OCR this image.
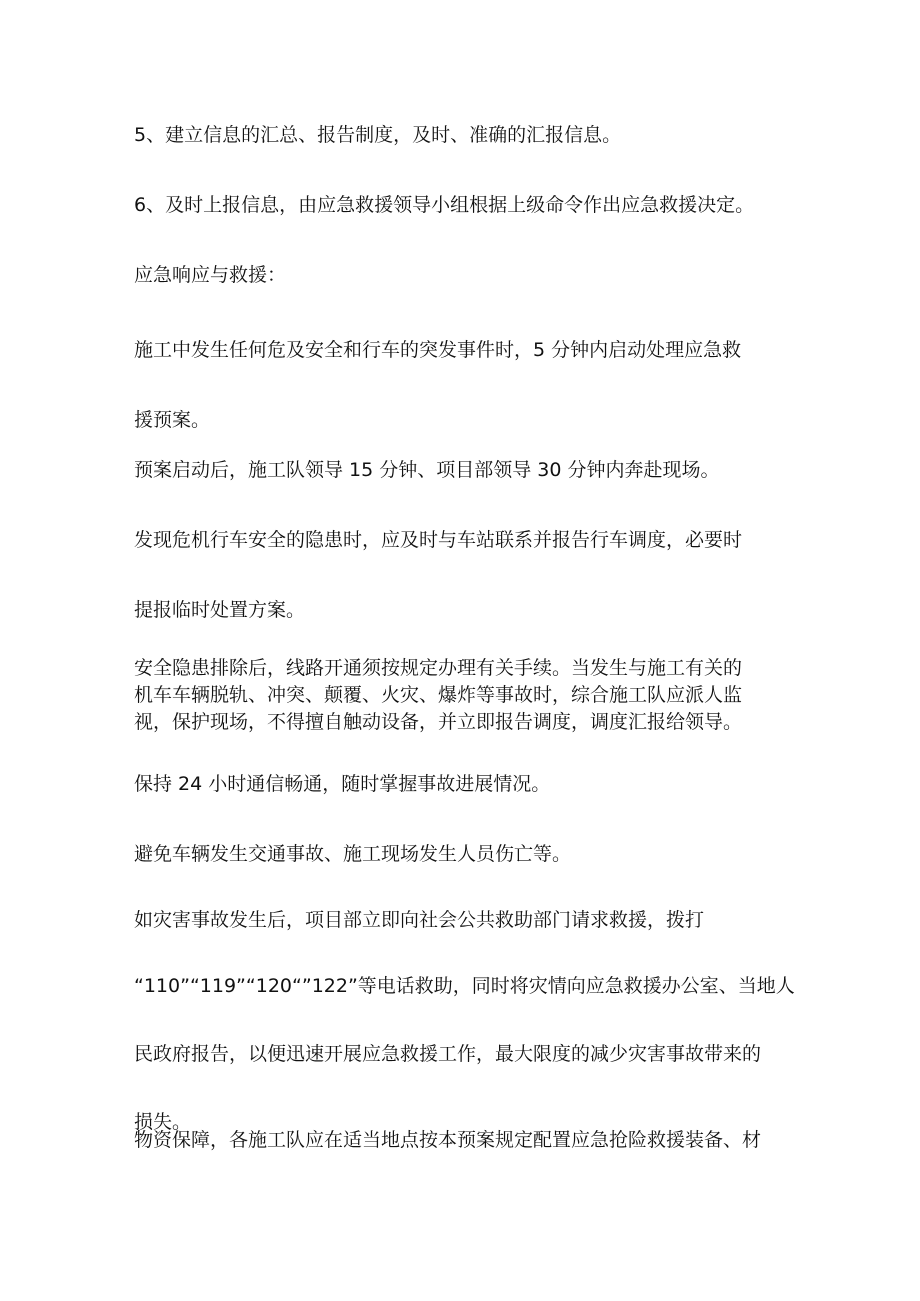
5、建立信息的汇总、报告制度，及时、准确的汇报信息。

6、及时上报信息，由应急救援领导小组根据上级命令作出应急救援决定。

应急响应与救援：

施工中发生任何危及安全和行车的突发事件时，5 分钟内启动处理应急救
援预案。

预案启动后，施工队领导 15 分钟、项目部领导 30 分钟内奔赴现场。

发现危机行车安全的隐患时，应及时与车站联系并报告行车调度，必要时
提报临时处置方案。

安全隐患排除后，线路开通须按规定办理有关手续。当发生与施工有关的
机车车辆脱轨、冲突、颠覆、火灾、爆炸等事故时，综合施工队应派人监
视，保护现场，不得擅自触动设备，并立即报告调度，调度汇报给领导。

保持 24 小时通信畅通，随时掌握事故进展情况。

避免车辆发生交通事故、施工现场发生人员伤亡等。

如灾害事故发生后，项目部立即向社会公共救助部门请求救援，拨打
“110”“119”“120“”122”等电话救助，同时将灾情向应急救援办公室、当地人
民政府报告，以便迅速开展应急救援工作，最大限度的减少灾害事故带来的
损失。

物资保障，各施工队应在适当地点按本预案规定配置应急抢险救援装备、材
